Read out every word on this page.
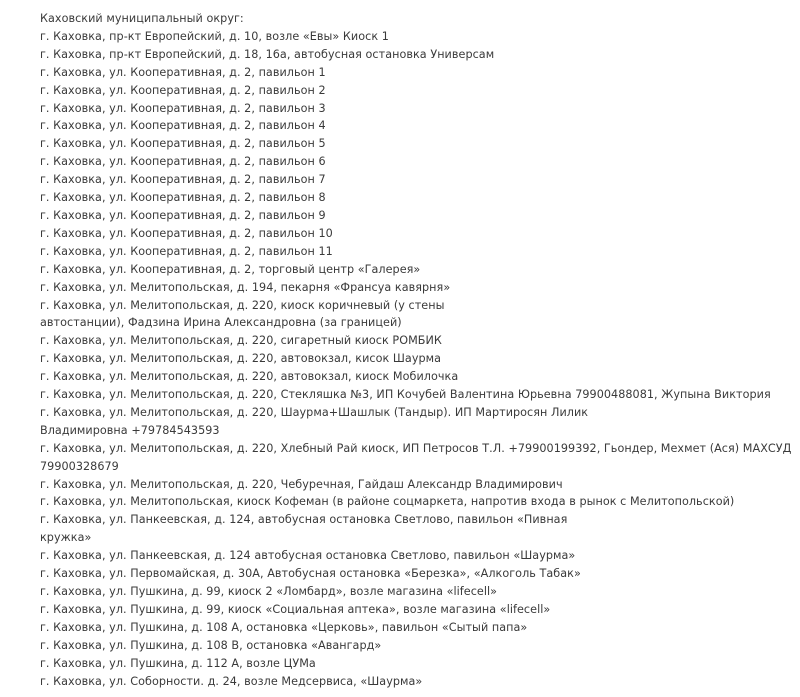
Каховский муниципальный округ:
г. Каховка, пр-кт Европейский, д. 10, возле «Евы» Киоск 1
г. Каховка, пр-кт Европейский, д. 18, 16а, автобусная остановка Универсам
г. Каховка, ул. Кооперативная, д. 2, павильон 1
г. Каховка, ул. Кооперативная, д. 2, павильон 2
г. Каховка, ул. Кооперативная, д. 2, павильон 3
г. Каховка, ул. Кооперативная, д. 2, павильон 4
г. Каховка, ул. Кооперативная, д. 2, павильон 5
г. Каховка, ул. Кооперативная, д. 2, павильон 6
г. Каховка, ул. Кооперативная, д. 2, павильон 7
г. Каховка, ул. Кооперативная, д. 2, павильон 8
г. Каховка, ул. Кооперативная, д. 2, павильон 9
г. Каховка, ул. Кооперативная, д. 2, павильон 10
г. Каховка, ул. Кооперативная, д. 2, павильон 11
г. Каховка, ул. Кооперативная, д. 2, торговый центр «Галерея»
г. Каховка, ул. Мелитопольская, д. 194, пекарня «Франсуа кавярня»
г. Каховка, ул. Мелитопольская, д. 220, киоск коричневый (у стены
автостанции), Фадзина Ирина Александровна (за границей)
г. Каховка, ул. Мелитопольская, д. 220, сигаретный киоск РОМБИК
г. Каховка, ул. Мелитопольская, д. 220, автовокзал, кисок Шаурма
г. Каховка, ул. Мелитопольская, д. 220, автовокзал, киоск Мобилочка
г. Каховка, ул. Мелитопольская, д. 220, Стекляшка №3, ИП Кочубей Валентина Юрьевна 79900488081, Жупына Виктория
г. Каховка, ул. Мелитопольская, д. 220, Шаурма+Шашлык (Тандыр). ИП Мартиросян Лилик
Владимировна +79784543593
г. Каховка, ул. Мелитопольская, д. 220, Хлебный Рай киоск, ИП Петросов Т.Л. +79900199392, Гьондер, Мехмет (Ася) МАХСУД
79900328679
г. Каховка, ул. Мелитопольская, д. 220, Чебуречная, Гайдаш Александр Владимирович
г. Каховка, ул. Мелитопольская, киоск Кофеман (в районе соцмаркета, напротив входа в рынок с Мелитопольской)
г. Каховка, ул. Панкеевская, д. 124, автобусная остановка Светлово, павильон «Пивная
кружка»
г. Каховка, ул. Панкеевская, д. 124 автобусная остановка Светлово, павильон «Шаурма»
г. Каховка, ул. Первомайская, д. 30А, Автобусная остановка «Березка», «Алкоголь Табак»
г. Каховка, ул. Пушкина, д. 99, киоск 2 «Ломбард», возле магазина «lifecell»
г. Каховка, ул. Пушкина, д. 99, киоск «Социальная аптека», возле магазина «lifecell»
г. Каховка, ул. Пушкина, д. 108 А, остановка «Церковь», павильон «Сытый папа»
г. Каховка, ул. Пушкина, д. 108 В, остановка «Авангард»
г. Каховка, ул. Пушкина, д. 112 А, возле ЦУМа
г. Каховка, ул. Соборности. д. 24, возле Медсервиса, «Шаурма»
